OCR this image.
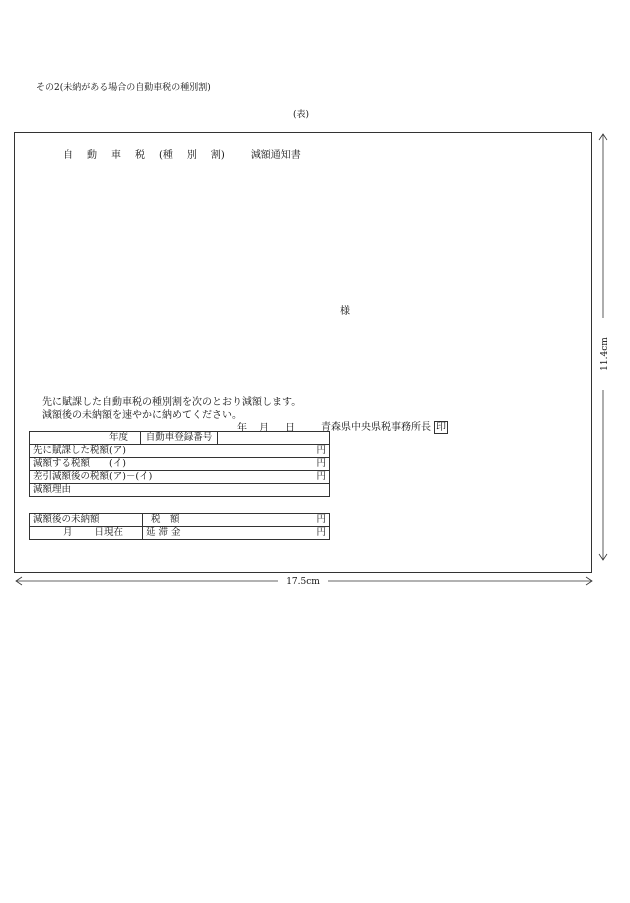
その2(未納がある場合の自動車税の種別割)
(表)
自 動 車 税 (種 別 割)	減額通知書
様
先に賦課した自動車税の種別割を次のとおり減額します。
減額後の未納額を速やかに納めてください。
年 月 日	青森県中央県税事務所長 印
年度	自動車登録番号	
先に賦課した税額(ア)	円

減額する税額　　(イ)	円

差引減額後の税額(ア)－(イ)	円

減額理由
減額後の未納額	税　額 円

月 日現在	延 滞 金 円
11.4cm
17.5cm
